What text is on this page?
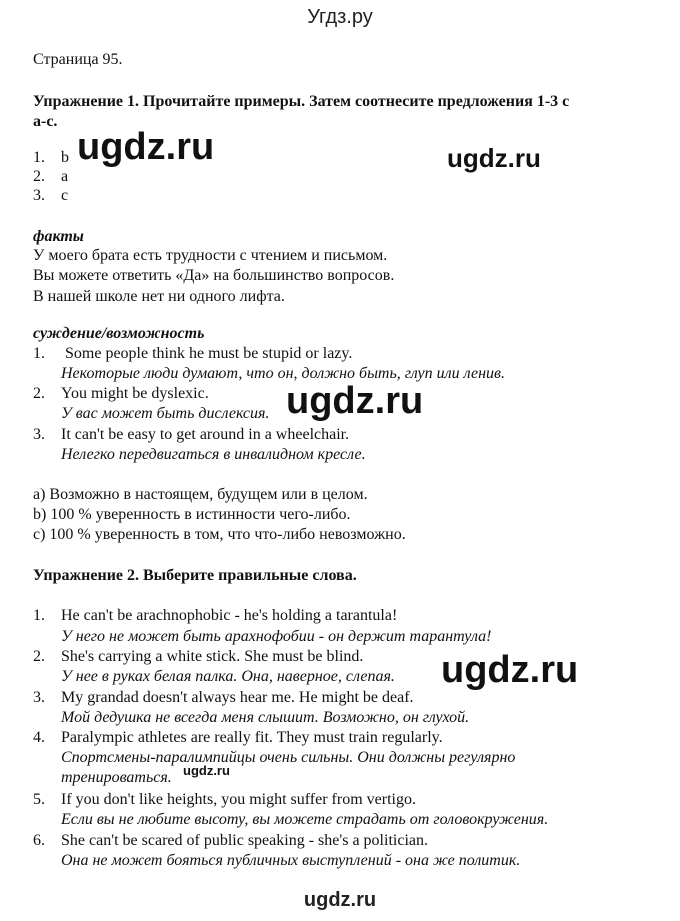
Угдз.ру
Страница 95.
Упражнение 1. Прочитайте примеры. Затем соотнесите предложения 1-3 с
a-c.
1. b
2. a
3. c
факты
У моего брата есть трудности с чтением и письмом.
Вы можете ответить «Да» на большинство вопросов.
В нашей школе нет ни одного лифта.
суждение/возможность
1. Some people think he must be stupid or lazy.
Некоторые люди думают, что он, должно быть, глуп или ленив.
2. You might be dyslexic.
У вас может быть дислексия.
3. It can't be easy to get around in a wheelchair.
Нелегко передвигаться в инвалидном кресле.
a) Возможно в настоящем, будущем или в целом.
b) 100 % уверенность в истинности чего-либо.
c) 100 % уверенность в том, что что-либо невозможно.
Упражнение 2. Выберите правильные слова.
1. He can't be arachnophobic - he's holding a tarantula!
У него не может быть арахнофобии - он держит тарантула!
2. She's carrying a white stick. She must be blind.
У нее в руках белая палка. Она, наверное, слепая.
3. My grandad doesn't always hear me. He might be deaf.
Мой дедушка не всегда меня слышит. Возможно, он глухой.
4. Paralympic athletes are really fit. They must train regularly.
Спортсмены-паралимпийцы очень сильны. Они должны регулярно
тренироваться.
5. If you don't like heights, you might suffer from vertigo.
Если вы не любите высоту, вы можете страдать от головокружения.
6. She can't be scared of public speaking - she's a politician.
Она не может бояться публичных выступлений - она же политик.
ugdz.ru	ugdz.ru
ugdz.ru
ugdz.ru
ugdz.ru
ugdz.ru
